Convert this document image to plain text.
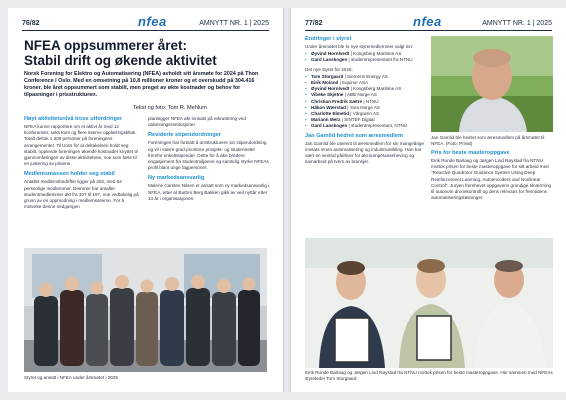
76/82	nfea	AMNYTT NR. 1 | 2025
NFEA oppsummerer året:
Stabil drift og økende aktivitet
Norsk Forening for Elektro og Automatisering (NFEA) avholdt sitt årsmøte for 2024 på Thon Conference i Oslo. Med en omsetning på 10,8 millioner kroner og et overskudd på 304.416 kroner, ble året oppsummert som stabilt, men preget av økte kostnader og behov for tilpasninger i prisstrukturen.
Tekst og foto: Tom R. Mehlum
Høyt aktivitetsnivå tross utfordringer

NFEA kunne rapportere om et aktivt år med 12 konferanser, seks kurs og flere interne opplæringstiltak. Totalt deltok 1.309 personer på foreningens arrangementer. Til tross for at deltakelsen holdt seg stabilt, opplevde foreningen økende kostnader knyttet til gjennomføringen av disse aktivitetene, noe som førte til en justering av prisene.

Medlemsmassen holder seg stabil

Antallet medlemsbedrifter ligger på 302, med 64 personlige medlemmer. Demmer har antallet studentmedlemmer økt fra 307 til 197, noe vedtakelig på grunn av en oppmodning i medlemssiterne. For å motvirke denne nedgangen

planlegger NFEA økt innsats på rekruttering ved utdanningsinstitusjoner.

Reviderte stipendordninger

Foreningen har fortsatt å omstrukturere sin stipendordning og vil i større grad prioritere prosjekt- og studentrette fremfor enkeltstipender. Dette for å øke bredere engasjement fra studentmiljøene og samtidig styrke NFEAs profil blant unge fagpersoner.

Ny markedsansvarlig

Malene Carsten Nilsen er ansatt som ny markedsansvarlig i NFEA, etter at Barbro Berg Bakken gikk av ved nyttår etter 14 år i organisasjonen.

Styret og ansatt i NFEA under årsmøtet i 2025
77/82	nfea	AMNYTT NR. 1 | 2025
Endringer i styret

Under årsmøtet ble to nye styremedlemmer valgt inn:

• Øyvind Hornlvedt | Kongsberg Maritime AS
• Gard Lanskogen | studentrepresentant fra NTNU

Det nye styret for 2025:

• Tom Storgaard | Siemens Energy AS
• Eirik Moland | Equinor ASA
• Øyvind Hornlvedt | Kongsberg Maritime AS
• Vibeke Skjetne | ABB Norge AS
• Christian Fredrik Sætre | NTNU
• Håkon Wærstad | Yara Norge AS
• Charlotte Elmetid | Vårgrønn AS
• Mariann Merz | SINTEF Digital
• Gard Lanskogen | studentrepresentant, NTNU
Jan Gamlid hedret som æresmedlem

Jan Gamlid ble utnevnt til æresmedlem for sin mangeårige innsats innen automatisering og industriutvikling. Han har vært en sentral pådriver for økt kompetanseheving og samarbeid på tvers av bransjer.

Jan Gamlid ble hedret som æresmedlem på årsmøtet til NFEA. (Foto: Privat)
Pris for beste masteroppgave

Eirik Runde Barlaug og Jørgen Lind Røystad fra NTNU mottok prisen for beste masteroppgave for sitt arbeid med "Reactive Quadrotor Guidance System Using Deep Reinforcement Learning, Autoencoders and Nonlinear Control". Juryen fremhevet oppgavens grundige tilnærming til autonom dronekontroll og dens relevans for fremtidens automatiseringsløsninger.

Eirik Runde Barlaug og Jørgen Lind Røystad fra NTNU mottok prisen for beste masteroppgave. Her sammen med NFEAs styreleder Tom Storgaard.
